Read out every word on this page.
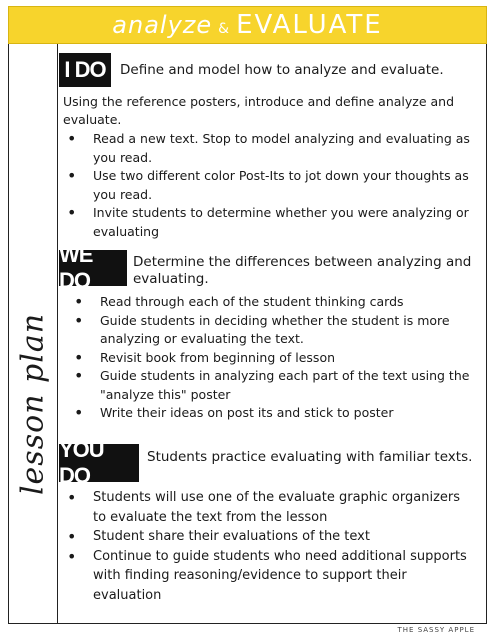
analyze & EVALUATE
lesson plan
I DO	Define and model how to analyze and evaluate.
Using the reference posters, introduce and define analyze and evaluate.
• Read a new text. Stop to model analyzing and evaluating as you read.
• Use two different color Post-Its to jot down your thoughts as you read.
• Invite students to determine whether you were analyzing or evaluating
WE DO
Determine the differences between analyzing and evaluating.
• Read through each of the student thinking cards
• Guide students in deciding whether the student is more analyzing or evaluating the text.
• Revisit book from beginning of lesson
• Guide students in analyzing each part of the text using the "analyze this" poster
• Write their ideas on post its and stick to poster
YOU DO
Students practice evaluating with familiar texts.
• Students will use one of the evaluate graphic organizers to evaluate the text from the lesson
• Student share their evaluations of the text
• Continue to guide students who need additional supports with finding reasoning/evidence to support their evaluation
THE SASSY APPLE
